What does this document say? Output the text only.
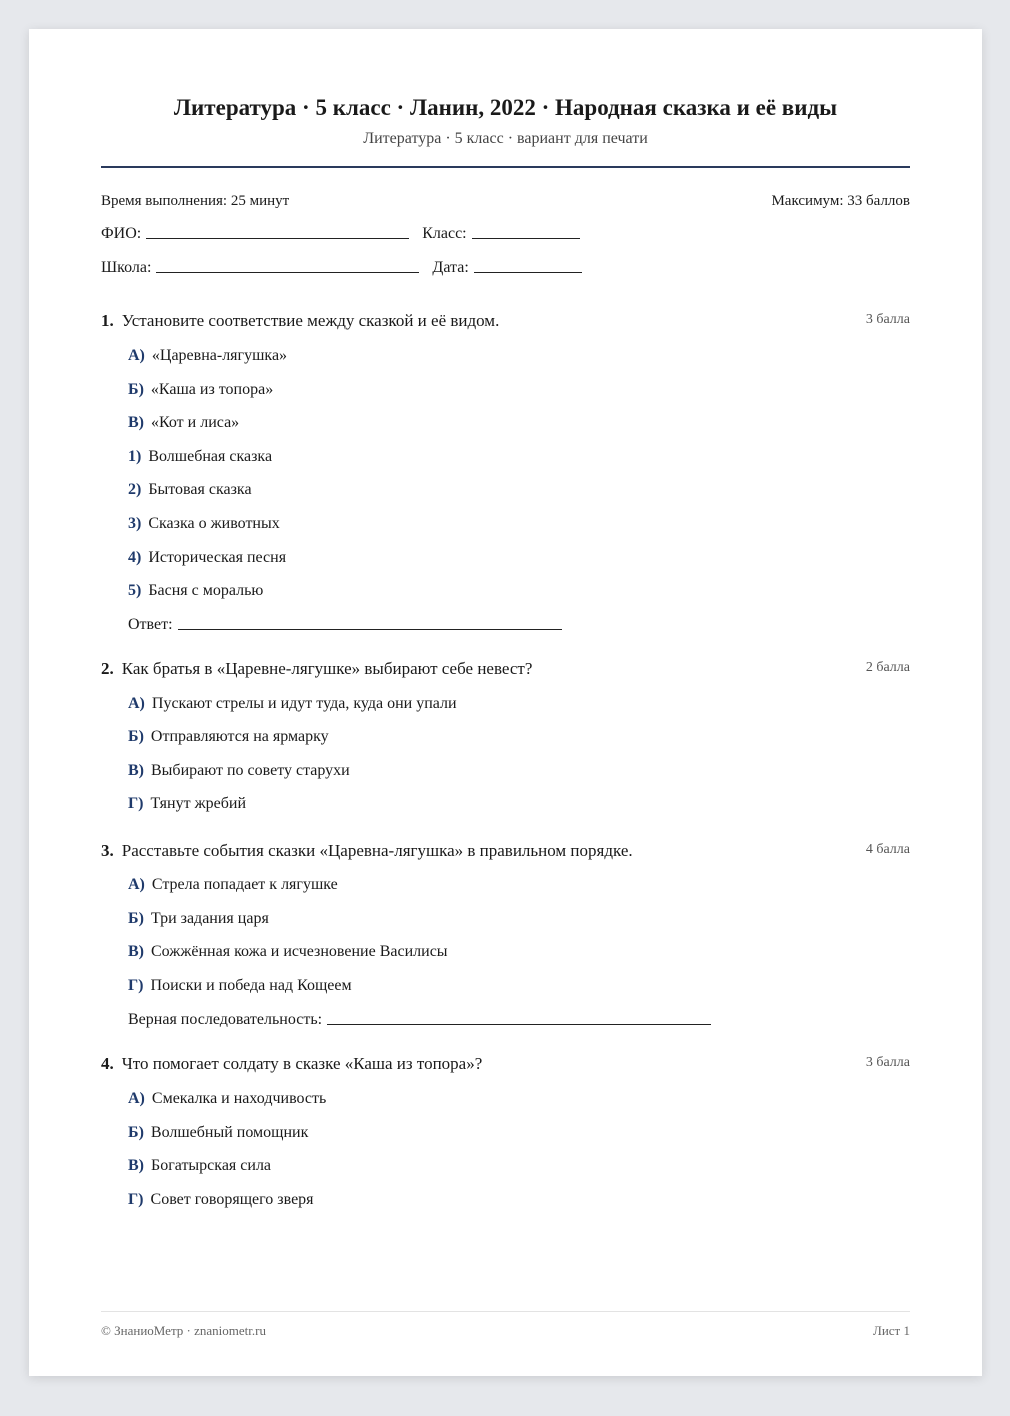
Литература · 5 класс · Ланин, 2022 · Народная сказка и её виды
Литература · 5 класс · вариант для печати
Время выполнения: 25 минут	Максимум: 33 баллов
ФИО:	Класс:
Школа:	Дата:
1. Установите соответствие между сказкой и её видом.	3 балла
А) «Царевна-лягушка»
Б) «Каша из топора»
В) «Кот и лиса»
1) Волшебная сказка
2) Бытовая сказка
3) Сказка о животных
4) Историческая песня
5) Басня с моралью
Ответ:
2. Как братья в «Царевне-лягушке» выбирают себе невест?	2 балла
А) Пускают стрелы и идут туда, куда они упали
Б) Отправляются на ярмарку
В) Выбирают по совету старухи
Г) Тянут жребий
3. Расставьте события сказки «Царевна-лягушка» в правильном порядке.	4 балла
А) Стрела попадает к лягушке
Б) Три задания царя
В) Сожжённая кожа и исчезновение Василисы
Г) Поиски и победа над Кощеем
Верная последовательность:
4. Что помогает солдату в сказке «Каша из топора»?	3 балла
А) Смекалка и находчивость
Б) Волшебный помощник
В) Богатырская сила
Г) Совет говорящего зверя
© ЗнаниоМетр · znaniometr.ru	Лист 1
